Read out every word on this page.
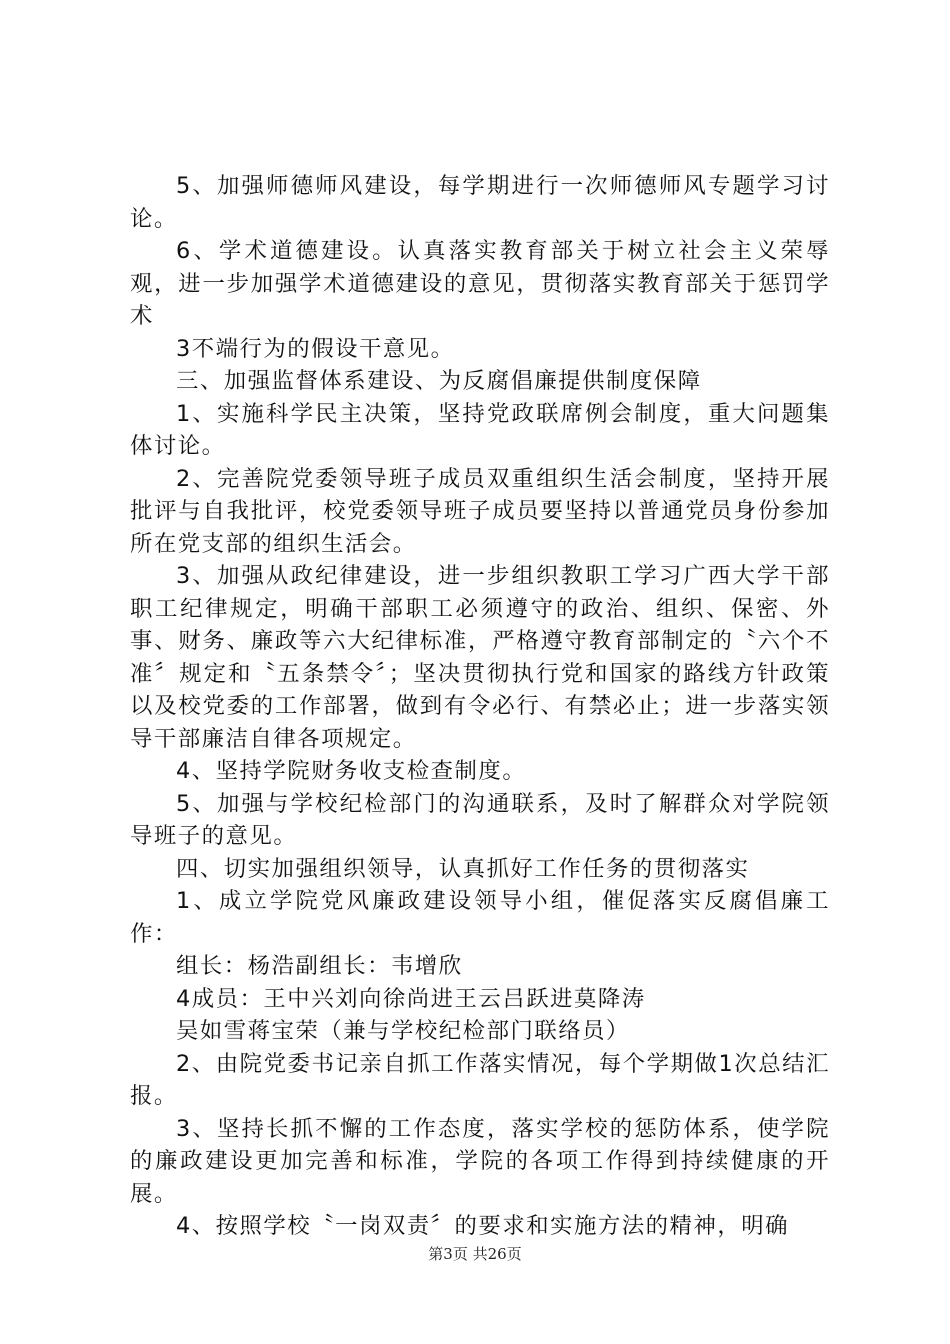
5、加强师德师风建设，每学期进行一次师德师风专题学习讨论。

6、学术道德建设。认真落实教育部关于树立社会主义荣辱观，进一步加强学术道德建设的意见，贯彻落实教育部关于惩罚学术

3不端行为的假设干意见。

三、加强监督体系建设、为反腐倡廉提供制度保障

1、实施科学民主决策，坚持党政联席例会制度，重大问题集体讨论。

2、完善院党委领导班子成员双重组织生活会制度，坚持开展批评与自我批评，校党委领导班子成员要坚持以普通党员身份参加所在党支部的组织生活会。

3、加强从政纪律建设，进一步组织教职工学习广西大学干部职工纪律规定，明确干部职工必须遵守的政治、组织、保密、外事、财务、廉政等六大纪律标准，严格遵守教育部制定的〝六个不准〞规定和〝五条禁令〞；坚决贯彻执行党和国家的路线方针政策以及校党委的工作部署，做到有令必行、有禁必止；进一步落实领导干部廉洁自律各项规定。

4、坚持学院财务收支检查制度。

5、加强与学校纪检部门的沟通联系，及时了解群众对学院领导班子的意见。

四、切实加强组织领导，认真抓好工作任务的贯彻落实

1、成立学院党风廉政建设领导小组，催促落实反腐倡廉工作：

组长：杨浩副组长：韦增欣

4成员：王中兴刘向徐尚进王云吕跃进莫降涛

吴如雪蒋宝荣（兼与学校纪检部门联络员）

2、由院党委书记亲自抓工作落实情况，每个学期做1次总结汇报。

3、坚持长抓不懈的工作态度，落实学校的惩防体系，使学院的廉政建设更加完善和标准，学院的各项工作得到持续健康的开展。

4、按照学校〝一岗双责〞的要求和实施方法的精神，明确

第3页 共26页
